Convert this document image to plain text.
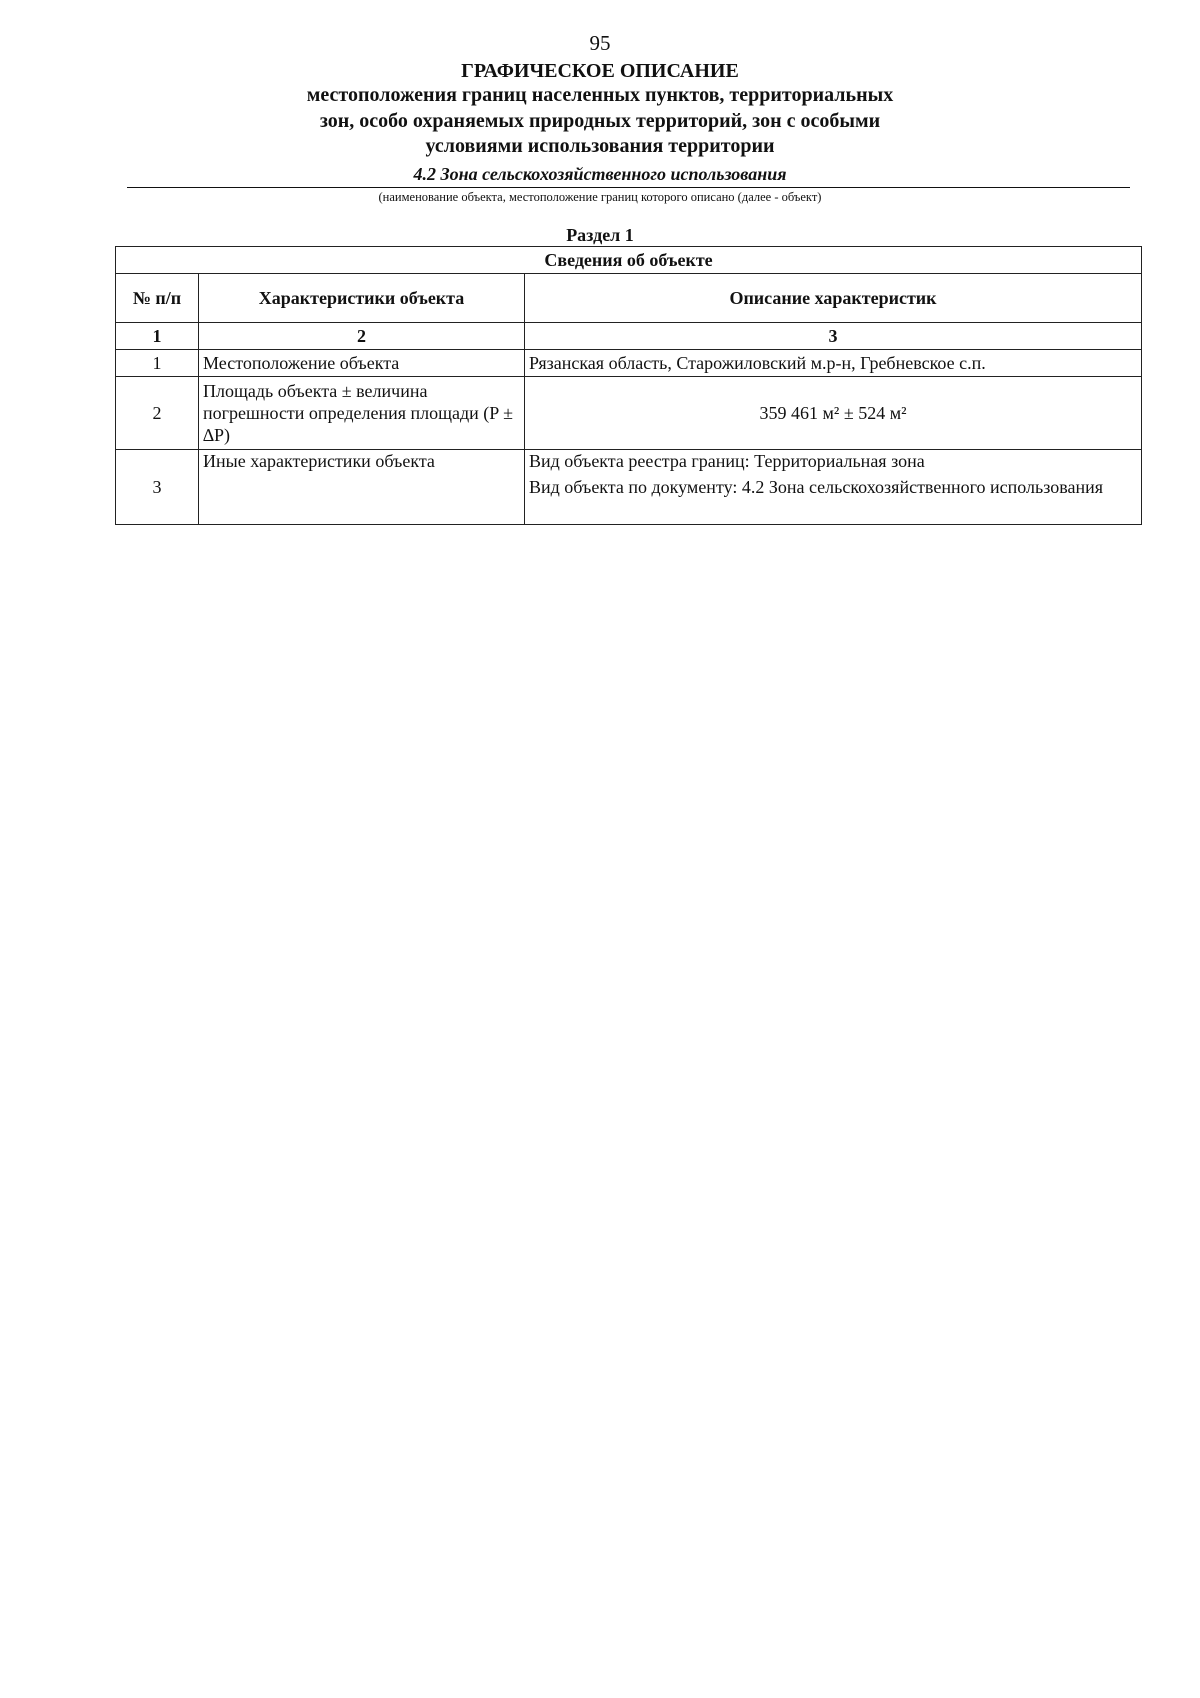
95
ГРАФИЧЕСКОЕ ОПИСАНИЕ
местоположения границ населенных пунктов, территориальных
зон, особо охраняемых природных территорий, зон с особыми
условиями использования территории
4.2 Зона сельскохозяйственного использования
(наименование объекта, местоположение границ которого описано (далее - объект)
Раздел 1
Сведения об объекте		
№ п/п	Характеристики объекта	Описание характеристик
1	2	3
1	Местоположение объекта	Рязанская область, Старожиловский м.р-н, Гребневское с.п.
2	Площадь объекта ± величина погрешности определения площади (P ± ∆P)	359 461 м² ± 524 м²
3	Иные характеристики объекта	Вид объекта реестра границ: Территориальная зона
Вид объекта по документу: 4.2 Зона сельскохозяйственного использования
